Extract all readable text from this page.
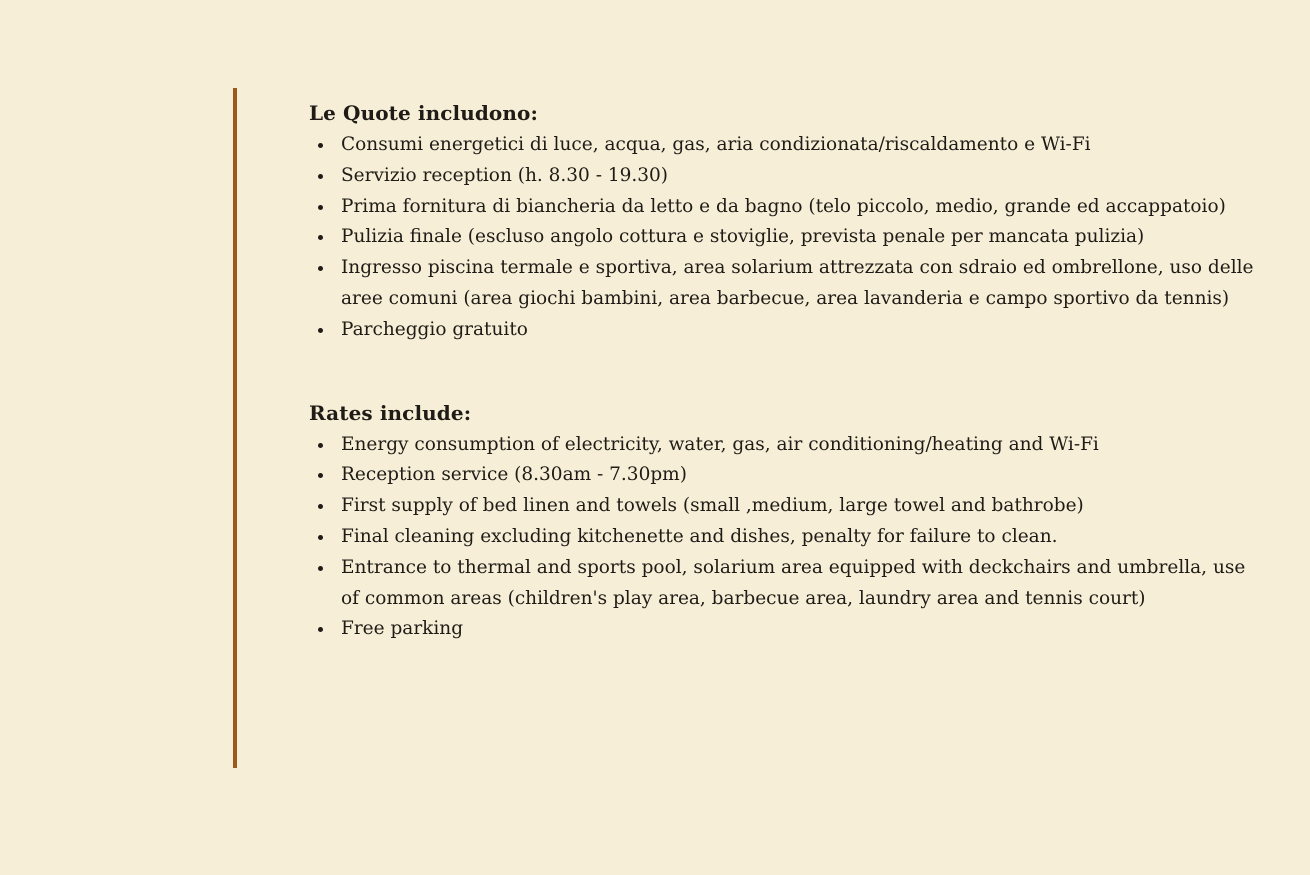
Le Quote includono:
Consumi energetici di luce, acqua, gas, aria condizionata/riscaldamento e Wi-Fi
Servizio reception (h. 8.30 - 19.30)
Prima fornitura di biancheria da letto e da bagno (telo piccolo, medio, grande ed accappatoio)
Pulizia finale (escluso angolo cottura e stoviglie, prevista penale per mancata pulizia)
Ingresso piscina termale e sportiva, area solarium attrezzata con sdraio ed ombrellone, uso delle aree comuni (area giochi bambini, area barbecue, area lavanderia e campo sportivo da tennis)
Parcheggio gratuito
Rates include:
Energy consumption of electricity, water, gas, air conditioning/heating and Wi-Fi
Reception service (8.30am - 7.30pm)
First supply of bed linen and towels (small ,medium, large towel and bathrobe)
Final cleaning excluding kitchenette and dishes, penalty for failure to clean.
Entrance to thermal and sports pool, solarium area equipped with deckchairs and umbrella, use of common areas (children's play area, barbecue area, laundry area and tennis court)
Free parking
